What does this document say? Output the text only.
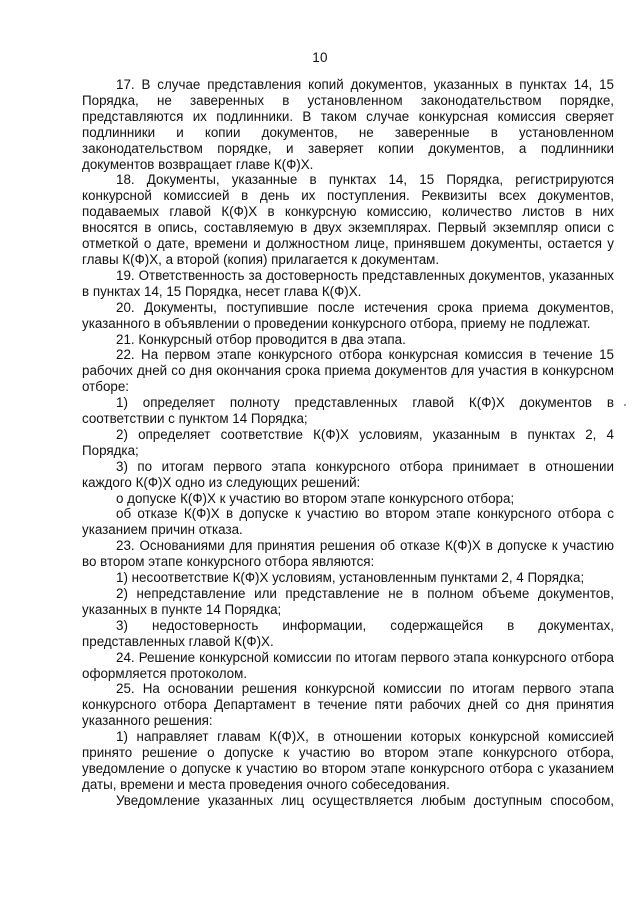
10

17. В случае представления копий документов, указанных в пунктах 14, 15 Порядка, не заверенных в установленном законодательством порядке, представляются их подлинники. В таком случае конкурсная комиссия сверяет подлинники и копии документов, не заверенные в установленном законодательством порядке, и заверяет копии документов, а подлинники документов возвращает главе К(Ф)Х.

18. Документы, указанные в пунктах 14, 15 Порядка, регистрируются конкурсной комиссией в день их поступления. Реквизиты всех документов, подаваемых главой К(Ф)Х в конкурсную комиссию, количество листов в них вносятся в опись, составляемую в двух экземплярах. Первый экземпляр описи с отметкой о дате, времени и должностном лице, принявшем документы, остается у главы К(Ф)Х, а второй (копия) прилагается к документам.

19. Ответственность за достоверность представленных документов, указанных в пунктах 14, 15 Порядка, несет глава К(Ф)Х.

20. Документы, поступившие после истечения срока приема документов, указанного в объявлении о проведении конкурсного отбора, приему не подлежат.

21. Конкурсный отбор проводится в два этапа.

22. На первом этапе конкурсного отбора конкурсная комиссия в течение 15 рабочих дней со дня окончания срока приема документов для участия в конкурсном отборе:

1) определяет полноту представленных главой К(Ф)Х документов в соответствии с пунктом 14 Порядка;

2) определяет соответствие К(Ф)Х условиям, указанным в пунктах 2, 4 Порядка;

3) по итогам первого этапа конкурсного отбора принимает в отношении каждого К(Ф)Х одно из следующих решений:

о допуске К(Ф)Х к участию во втором этапе конкурсного отбора;

об отказе К(Ф)Х в допуске к участию во втором этапе конкурсного отбора с указанием причин отказа.

23. Основаниями для принятия решения об отказе К(Ф)Х в допуске к участию во втором этапе конкурсного отбора являются:

1) несоответствие К(Ф)Х условиям, установленным пунктами 2, 4 Порядка;

2) непредставление или представление не в полном объеме документов, указанных в пункте 14 Порядка;

3) недостоверность информации, содержащейся в документах, представленных главой К(Ф)Х.

24. Решение конкурсной комиссии по итогам первого этапа конкурсного отбора оформляется протоколом.

25. На основании решения конкурсной комиссии по итогам первого этапа конкурсного отбора Департамент в течение пяти рабочих дней со дня принятия указанного решения:

1) направляет главам К(Ф)Х, в отношении которых конкурсной комиссией принято решение о допуске к участию во втором этапе конкурсного отбора, уведомление о допуске к участию во втором этапе конкурсного отбора с указанием даты, времени и места проведения очного собеседования.

Уведомление указанных лиц осуществляется любым доступным способом,
